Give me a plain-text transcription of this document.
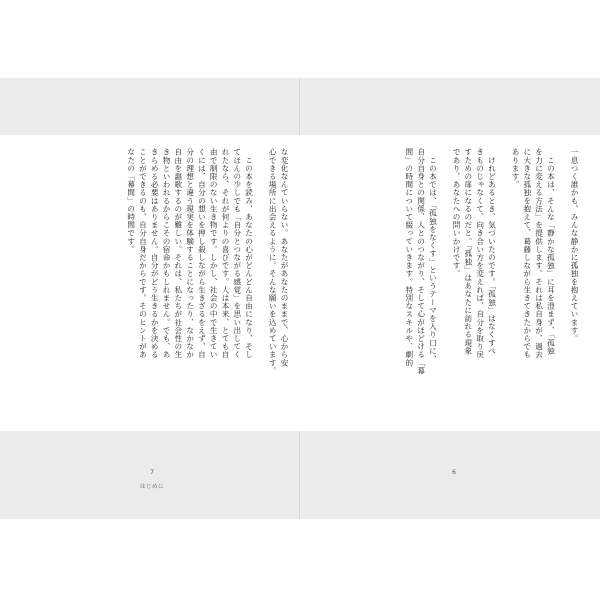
一息つく誰かも、みんな静かに孤独を抱えています。
　この本は、そんな「静かな孤独」に耳を澄まず、「孤独
を力に変える方法」を提供します。それは私自身が、過去
に大きな孤独を抱えて、葛藤しながら生きてきたからでも
あります。
　けれどあるとき、気づいたのです。「孤独」はなくすべ
きものじゃなくて、向き合い方を変えれば、自分を取り戻
すための扉になるのだと。「孤独」はあなたに訪れる現象
であり、あなたへの問いかけです。
　この本では、「孤独をなくす」というテーマを入り口に、
自分自身との関係、人とのつながり、そして心がほどける「幕
間」の時間について綴っていきます。特別なスキルや、劇的
な変化なんていらない。あなたがあなたのままで、心から安
心できる場所に出会えるように。そんな願いを込めています。
　この本を読み、あなたの心がどんどん自由になり、そし
てほんの少しでも「自分とつながる感覚」を思い出してく
れたなら、それが何よりの喜びです。人は本来、とても自
由で制限のない生き物です。しかし、社会の中で生きてい
くには、自分の想いを押し殺しながら生きざるをえず、自
分の理想と違う現実を体験することになったり、なかなか
自由を謳歌するのが難しい。それは、私たちが社会性の生
き物といわれるからこその宿命かもしれません。でも、あ
きらめる必要はありません。自分がどう生きるかを決める
ことができるのも、自分自身だからです。そのヒントがあ
なたの「幕間」の時間です。
6
7
はじめに
